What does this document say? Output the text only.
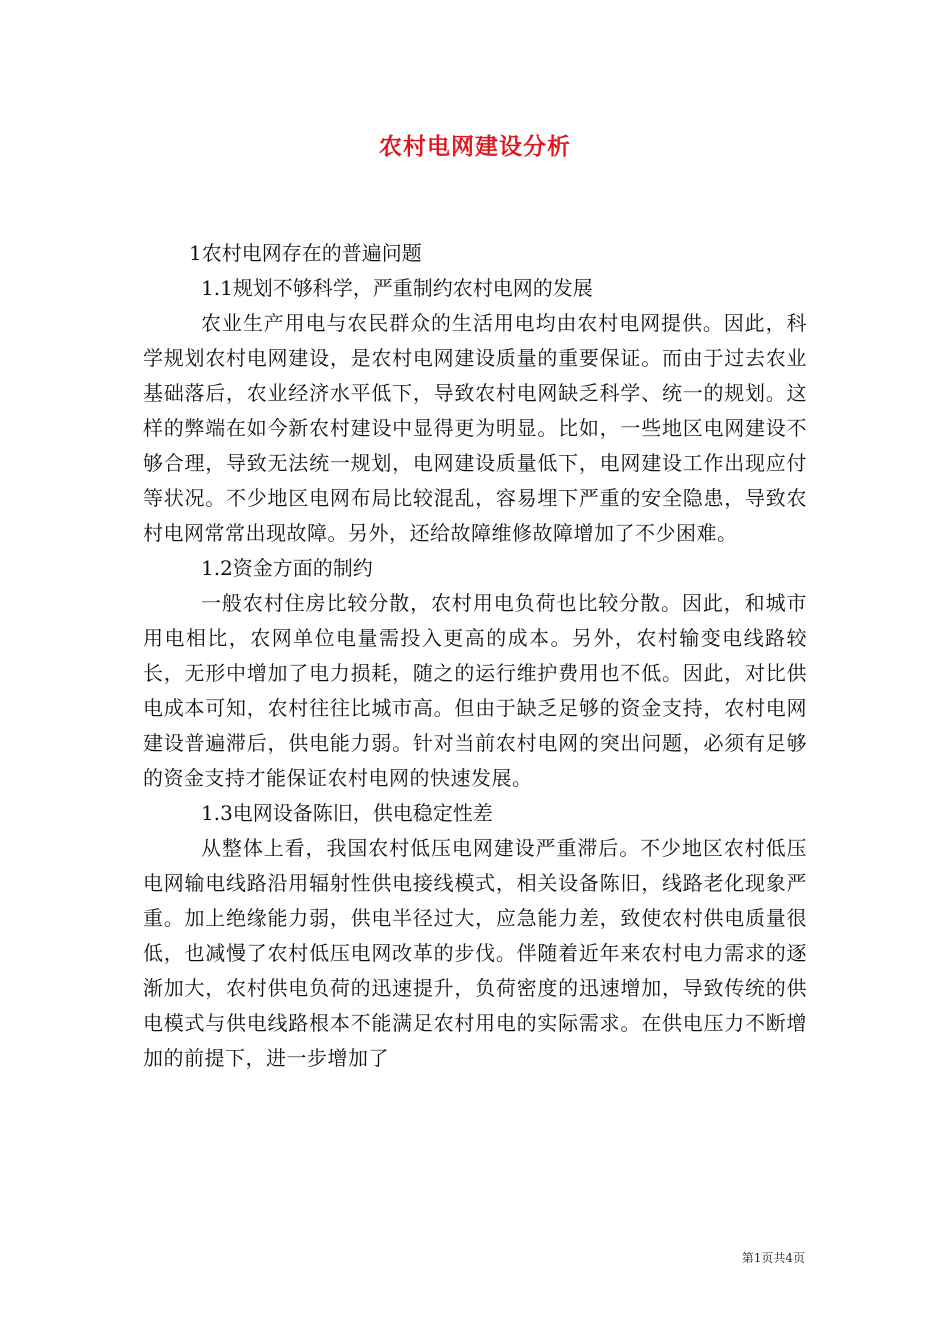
农村电网建设分析
1农村电网存在的普遍问题
1.1规划不够科学，严重制约农村电网的发展

农业生产用电与农民群众的生活用电均由农村电网提供。因此，科学规划农村电网建设，是农村电网建设质量的重要保证。而由于过去农业基础落后，农业经济水平低下，导致农村电网缺乏科学、统一的规划。这样的弊端在如今新农村建设中显得更为明显。比如，一些地区电网建设不够合理，导致无法统一规划，电网建设质量低下，电网建设工作出现应付等状况。不少地区电网布局比较混乱，容易埋下严重的安全隐患，导致农村电网常常出现故障。另外，还给故障维修故障增加了不少困难。

1.2资金方面的制约

一般农村住房比较分散，农村用电负荷也比较分散。因此，和城市用电相比，农网单位电量需投入更高的成本。另外，农村输变电线路较长，无形中增加了电力损耗，随之的运行维护费用也不低。因此，对比供电成本可知，农村往往比城市高。但由于缺乏足够的资金支持，农村电网建设普遍滞后，供电能力弱。针对当前农村电网的突出问题，必须有足够的资金支持才能保证农村电网的快速发展。

1.3电网设备陈旧，供电稳定性差

从整体上看，我国农村低压电网建设严重滞后。不少地区农村低压电网输电线路沿用辐射性供电接线模式，相关设备陈旧，线路老化现象严重。加上绝缘能力弱，供电半径过大，应急能力差，致使农村供电质量很低，也减慢了农村低压电网改革的步伐。伴随着近年来农村电力需求的逐渐加大，农村供电负荷的迅速提升，负荷密度的迅速增加，导致传统的供电模式与供电线路根本不能满足农村用电的实际需求。在供电压力不断增加的前提下，进一步增加了

第1页共4页
